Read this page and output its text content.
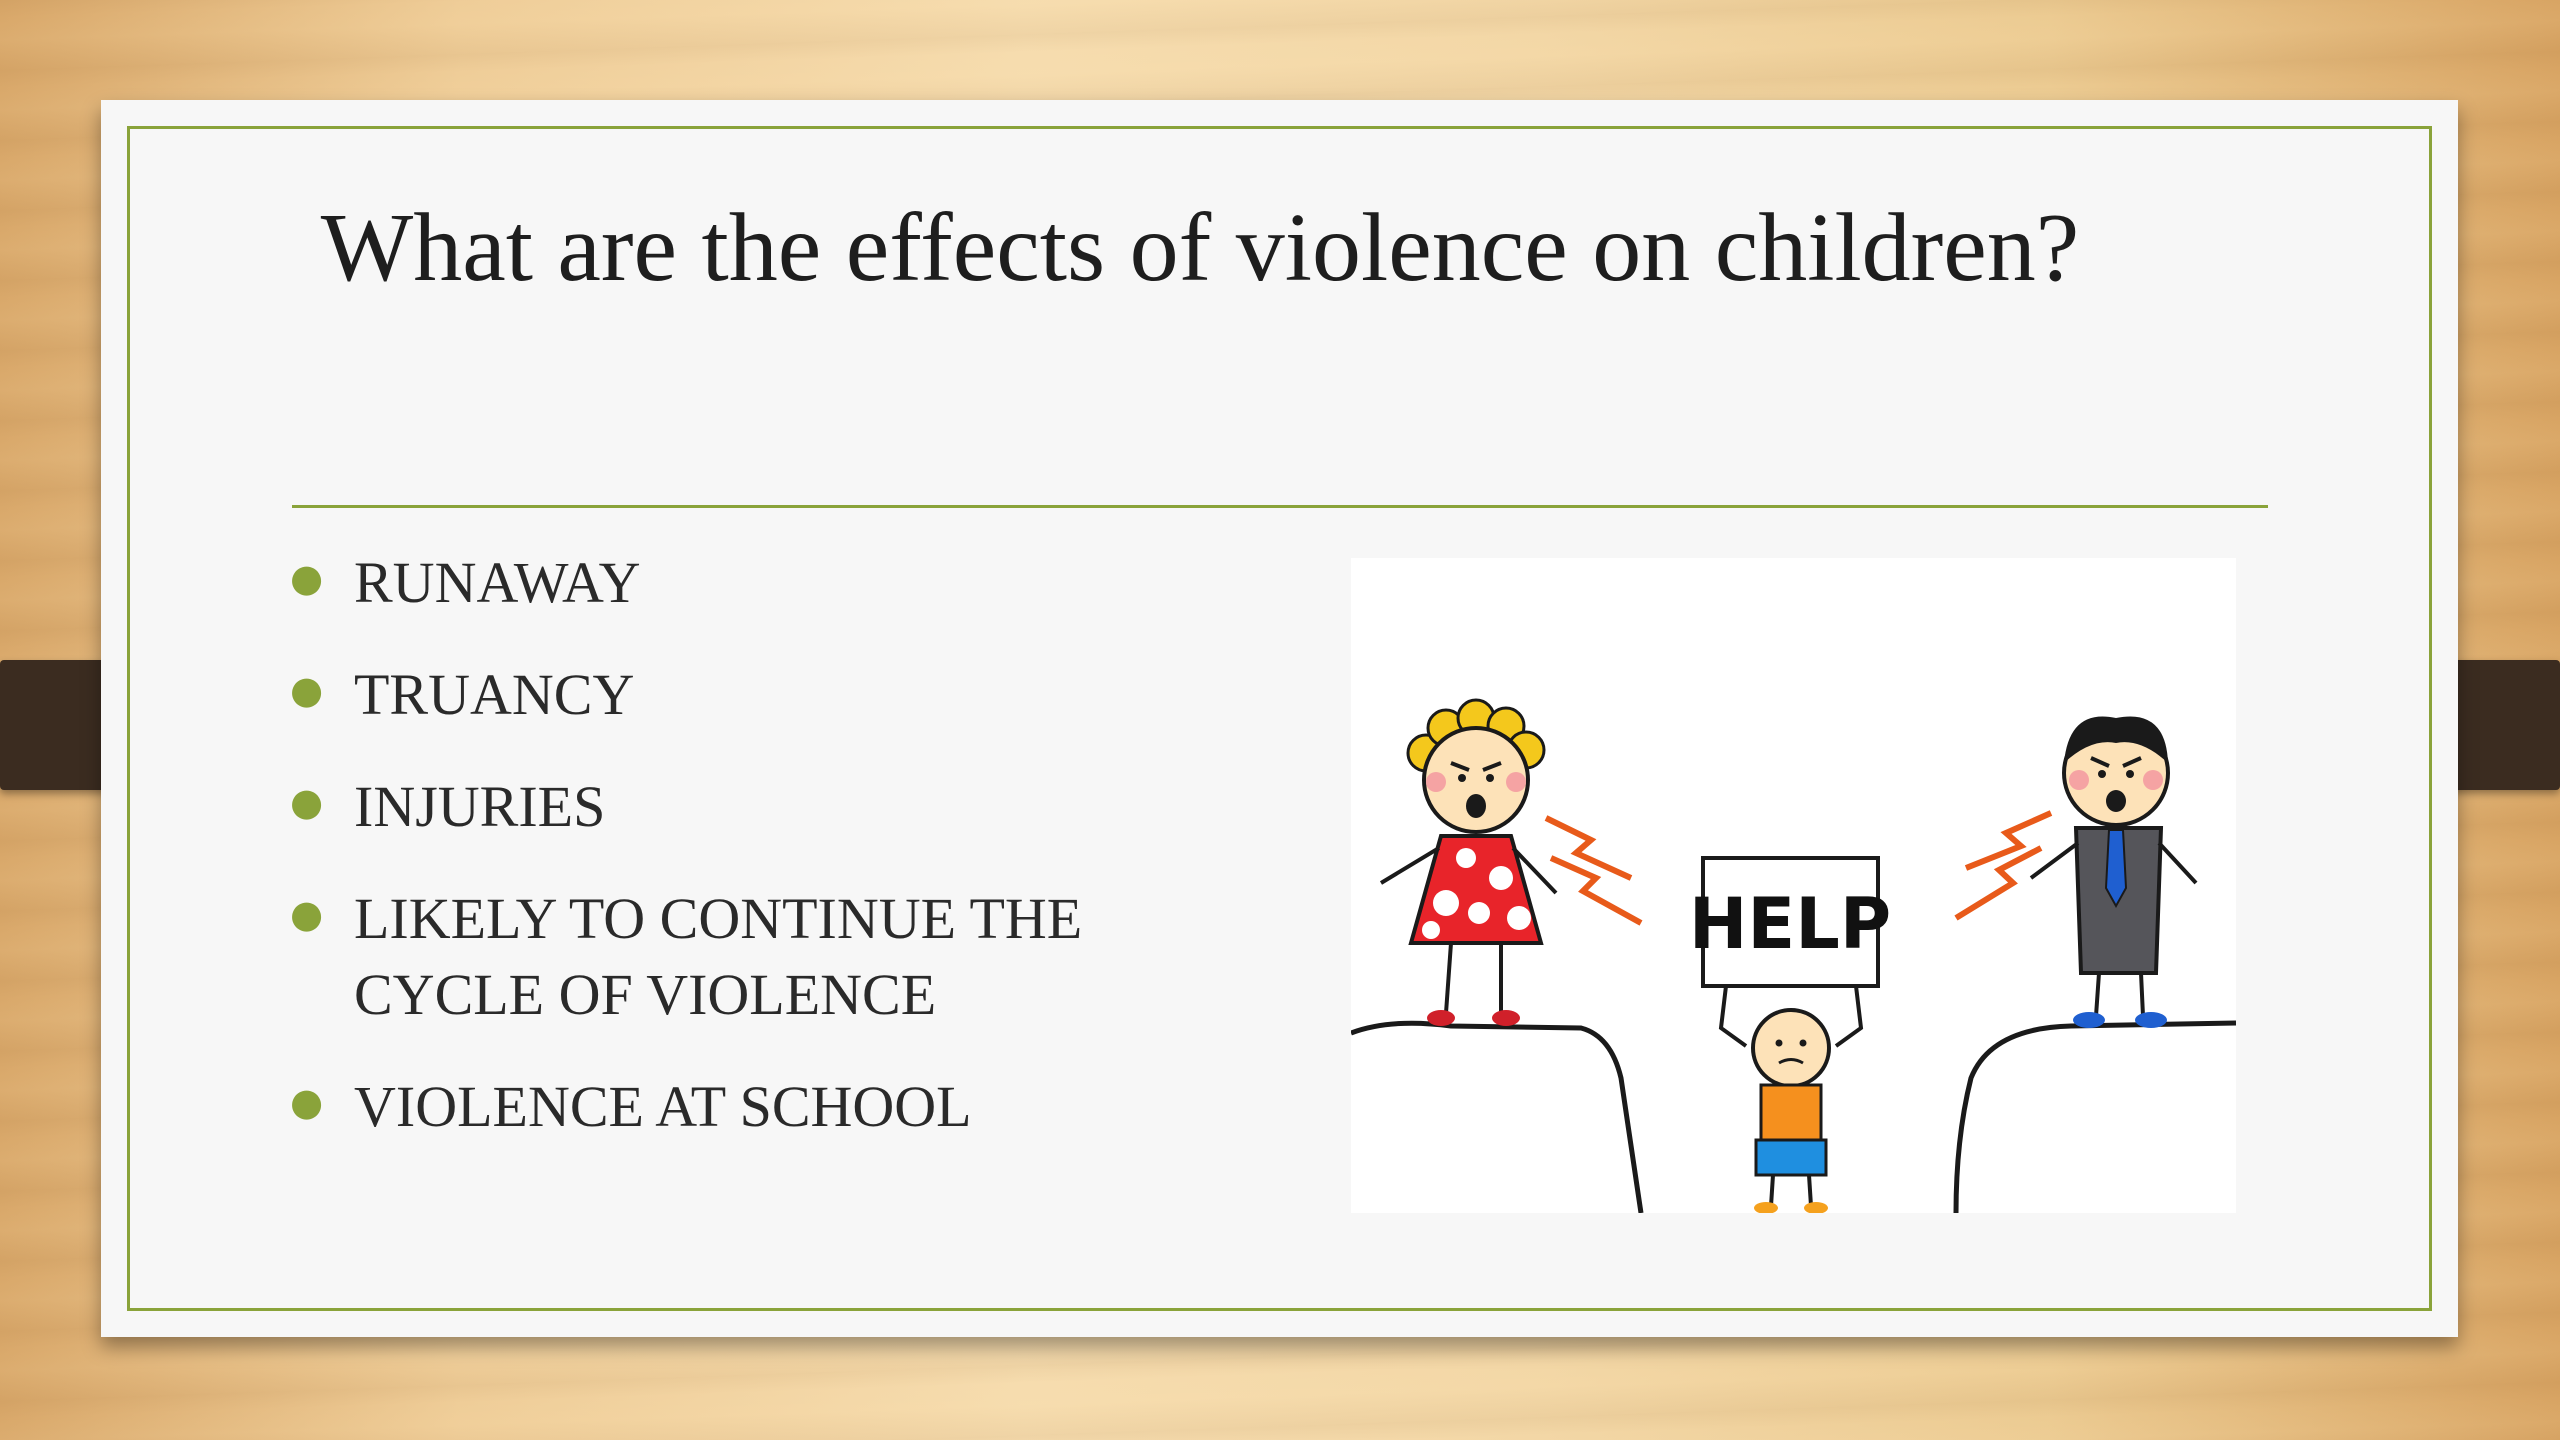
What are the effects of violence on children?
● RUNAWAY
● TRUANCY
● INJURIES
● LIKELY TO CONTINUE THE CYCLE OF VIOLENCE
● VIOLENCE AT SCHOOL
HELP
